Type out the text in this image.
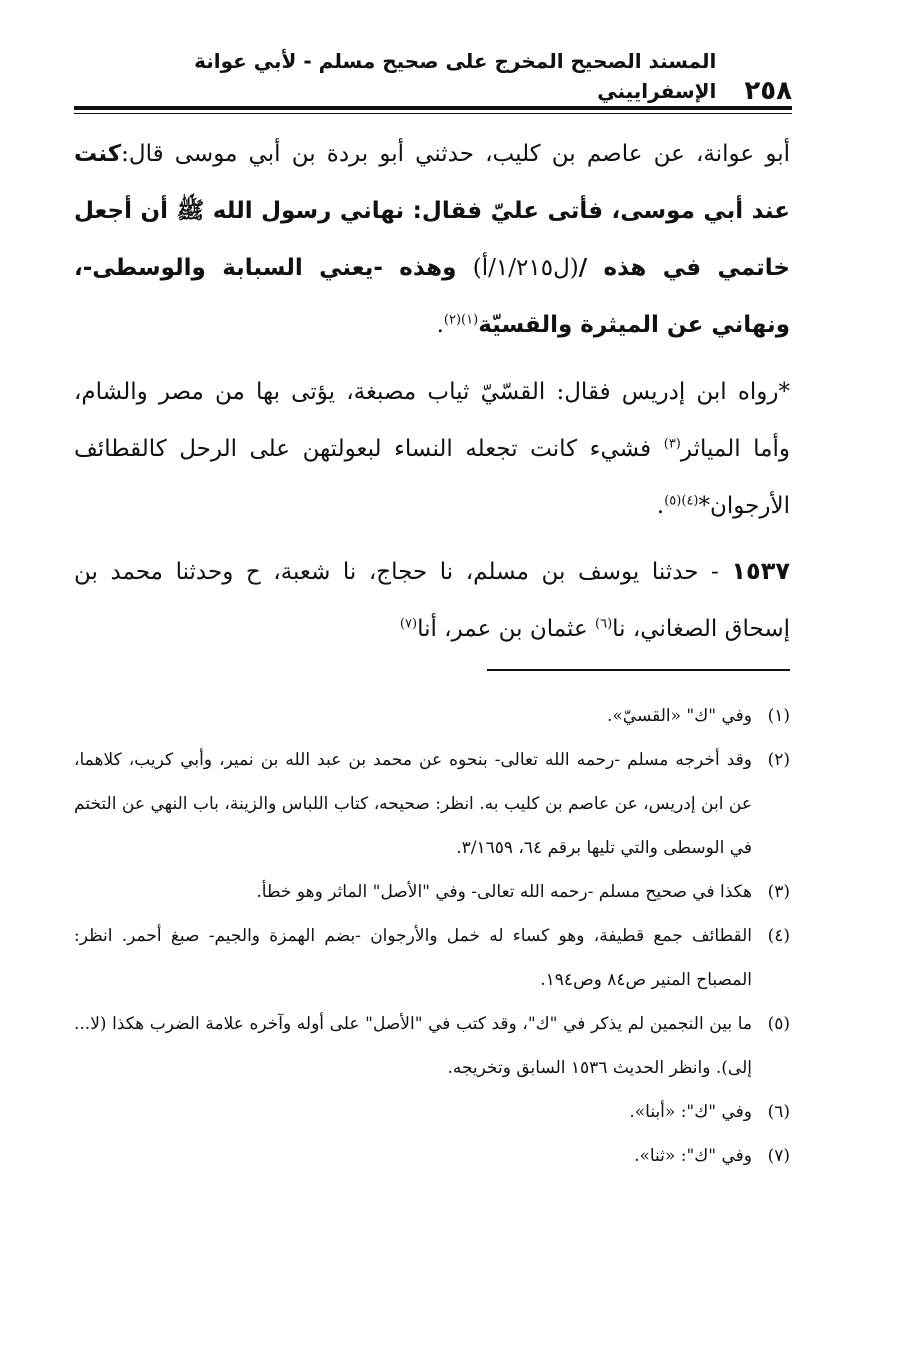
٢٥٨
المسند الصحيح المخرج على صحيح مسلم - لأبي عوانة الإسفراييني

أبو عوانة، عن عاصم بن كليب، حدثني أبو بردة بن أبي موسى قال:كنت عند أبي موسى، فأتى عليّ فقال: نهاني رسول الله ﷺ أن أجعل خاتمي في هذه /(ل١/٢١٥/أ) وهذه -يعني السبابة والوسطى-، ونهاني عن الميثرة والقسيّة$^{(١)(٢)}$.

*رواه ابن إدريس فقال: القسّيّ ثياب مصبغة، يؤتى بها من مصر والشام، وأما المياثر$^{(٣)}$ فشيء كانت تجعله النساء لبعولتهن على الرحل كالقطائف الأرجوان*$^{(٤)(٥)}$.

١٥٣٧ - حدثنا يوسف بن مسلم، نا حجاج، نا شعبة، ح وحدثنا محمد بن إسحاق الصغاني، نا$^{(٦)}$ عثمان بن عمر، أنا$^{(٧)}$

(١)
وفي "ك" «القسيّ».
(٢)
وقد أخرجه مسلم -رحمه الله تعالى- بنحوه عن محمد بن عبد الله بن نمير، وأبي كريب، كلاهما، عن ابن إدريس، عن عاصم بن كليب به. انظر: صحيحه، كتاب اللباس والزينة، باب النهي عن التختم في الوسطى والتي تليها برقم ٦٤، ٣/١٦٥٩.
(٣)
هكذا في صحيح مسلم -رحمه الله تعالى- وفي "الأصل" الماثر وهو خطأ.
(٤)
القطائف جمع قطيفة، وهو كساء له خمل والأرجوان -بضم الهمزة والجيم- صبغ أحمر. انظر: المصباح المنير ص٨٤ وص١٩٤.
(٥)
ما بين النجمين لم يذكر في "ك"، وقد كتب في "الأصل" على أوله وآخره علامة الضرب هكذا (لا... إلى). وانظر الحديث ١٥٣٦ السابق وتخريجه.
(٦)
وفي "ك": «أبنا».
(٧)
وفي "ك": «ثنا».
